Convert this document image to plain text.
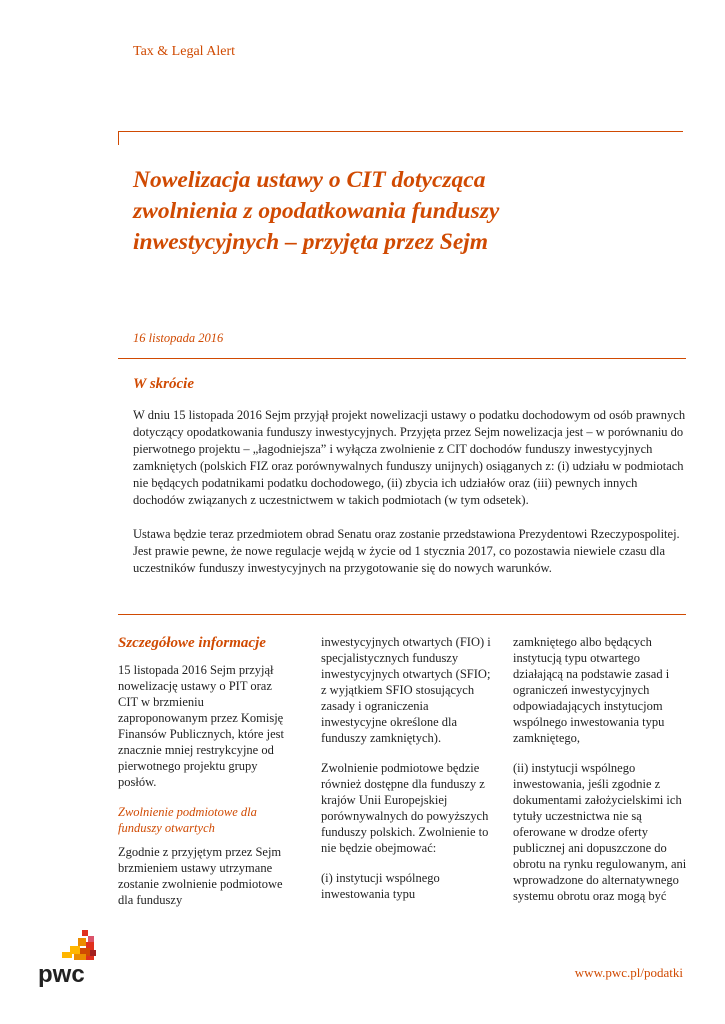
Tax & Legal Alert
Nowelizacja ustawy o CIT dotycząca
zwolnienia z opodatkowania funduszy
inwestycyjnych – przyjęta przez Sejm
16 listopada 2016
W skrócie

W dniu 15 listopada 2016 Sejm przyjął projekt nowelizacji ustawy o podatku dochodowym od osób prawnych dotyczący opodatkowania funduszy inwestycyjnych. Przyjęta przez Sejm nowelizacja jest – w porównaniu do pierwotnego projektu – „łagodniejsza” i wyłącza zwolnienie z CIT dochodów funduszy inwestycyjnych zamkniętych (polskich FIZ oraz porównywalnych funduszy unijnych) osiąganych z: (i) udziału w podmiotach nie będących podatnikami podatku dochodowego, (ii) zbycia ich udziałów oraz (iii) pewnych innych dochodów związanych z uczestnictwem w takich podmiotach (w tym odsetek).

Ustawa będzie teraz przedmiotem obrad Senatu oraz zostanie przedstawiona Prezydentowi Rzeczypospolitej. Jest prawie pewne, że nowe regulacje wejdą w życie od 1 stycznia 2017, co pozostawia niewiele czasu dla uczestników funduszy inwestycyjnych na przygotowanie się do nowych warunków.

Szczegółowe informacje

15 listopada 2016 Sejm przyjął nowelizację ustawy o PIT oraz CIT w brzmieniu zaproponowanym przez Komisję Finansów Publicznych, które jest znacznie mniej restrykcyjne od pierwotnego projektu grupy posłów.

Zwolnienie podmiotowe dla funduszy otwartych

Zgodnie z przyjętym przez Sejm brzmieniem ustawy utrzymane zostanie zwolnienie podmiotowe dla funduszy

inwestycyjnych otwartych (FIO) i specjalistycznych funduszy inwestycyjnych otwartych (SFIO; z wyjątkiem SFIO stosujących zasady i ograniczenia inwestycyjne określone dla funduszy zamkniętych).

Zwolnienie podmiotowe będzie również dostępne dla funduszy z krajów Unii Europejskiej porównywalnych do powyższych funduszy polskich. Zwolnienie to nie będzie obejmować:

(i) instytucji wspólnego inwestowania typu

zamkniętego albo będących instytucją typu otwartego działającą na podstawie zasad i ograniczeń inwestycyjnych odpowiadających instytucjom wspólnego inwestowania typu zamkniętego,

(ii) instytucji wspólnego inwestowania, jeśli zgodnie z dokumentami założycielskimi ich tytuły uczestnictwa nie są oferowane w drodze oferty publicznej ani dopuszczone do obrotu na rynku regulowanym, ani wprowadzone do alternatywnego systemu obrotu oraz mogą być

pwc	www.pwc.pl/podatki
